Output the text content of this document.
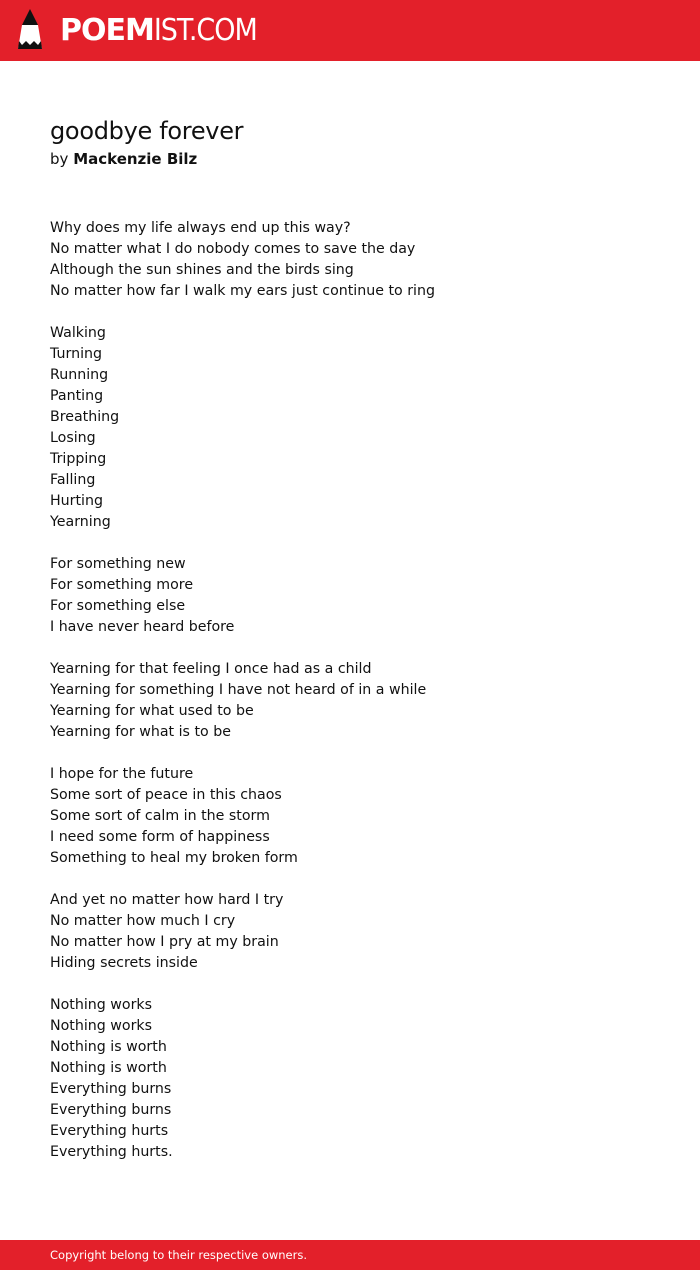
POEMIST.COM
goodbye forever
by Mackenzie Bilz
Why does my life always end up this way?
No matter what I do nobody comes to save the day
Although the sun shines and the birds sing
No matter how far I walk my ears just continue to ring
Walking
Turning
Running
Panting
Breathing
Losing
Tripping
Falling
Hurting
Yearning
For something new
For something more
For something else
I have never heard before
Yearning for that feeling I once had as a child
Yearning for something I have not heard of in a while
Yearning for what used to be
Yearning for what is to be
I hope for the future
Some sort of peace in this chaos
Some sort of calm in the storm
I need some form of happiness
Something to heal my broken form
And yet no matter how hard I try
No matter how much I cry
No matter how I pry at my brain
Hiding secrets inside
Nothing works
Nothing works
Nothing is worth
Nothing is worth
Everything burns
Everything burns
Everything hurts
Everything hurts.
Copyright belong to their respective owners.
